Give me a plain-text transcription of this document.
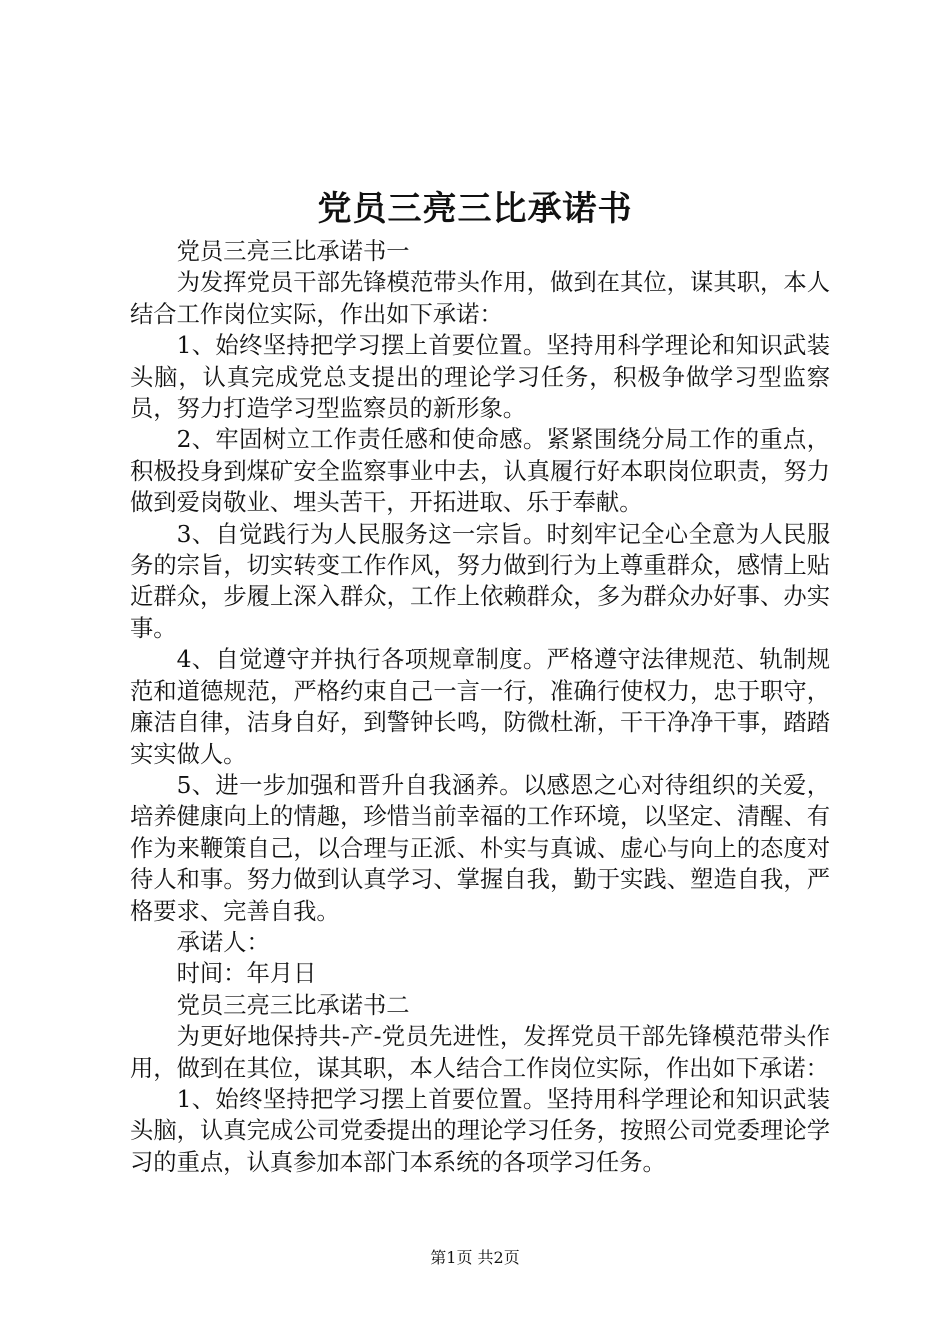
党员三亮三比承诺书

党员三亮三比承诺书一

为发挥党员干部先锋模范带头作用，做到在其位，谋其职，本人结合工作岗位实际，作出如下承诺：

1、始终坚持把学习摆上首要位置。坚持用科学理论和知识武装头脑，认真完成党总支提出的理论学习任务，积极争做学习型监察员，努力打造学习型监察员的新形象。

2、牢固树立工作责任感和使命感。紧紧围绕分局工作的重点，积极投身到煤矿安全监察事业中去，认真履行好本职岗位职责，努力做到爱岗敬业、埋头苦干，开拓进取、乐于奉献。

3、自觉践行为人民服务这一宗旨。时刻牢记全心全意为人民服务的宗旨，切实转变工作作风，努力做到行为上尊重群众，感情上贴近群众，步履上深入群众，工作上依赖群众，多为群众办好事、办实事。

4、自觉遵守并执行各项规章制度。严格遵守法律规范、轨制规范和道德规范，严格约束自己一言一行，准确行使权力，忠于职守，廉洁自律，洁身自好，到警钟长鸣，防微杜渐，干干净净干事，踏踏实实做人。

5、进一步加强和晋升自我涵养。以感恩之心对待组织的关爱，培养健康向上的情趣，珍惜当前幸福的工作环境，以坚定、清醒、有作为来鞭策自己，以合理与正派、朴实与真诚、虚心与向上的态度对待人和事。努力做到认真学习、掌握自我，勤于实践、塑造自我，严格要求、完善自我。

承诺人：

时间：年月日

党员三亮三比承诺书二

为更好地保持共-产-党员先进性，发挥党员干部先锋模范带头作用，做到在其位，谋其职，本人结合工作岗位实际，作出如下承诺：

1、始终坚持把学习摆上首要位置。坚持用科学理论和知识武装头脑，认真完成公司党委提出的理论学习任务，按照公司党委理论学习的重点，认真参加本部门本系统的各项学习任务。

第1页 共2页
